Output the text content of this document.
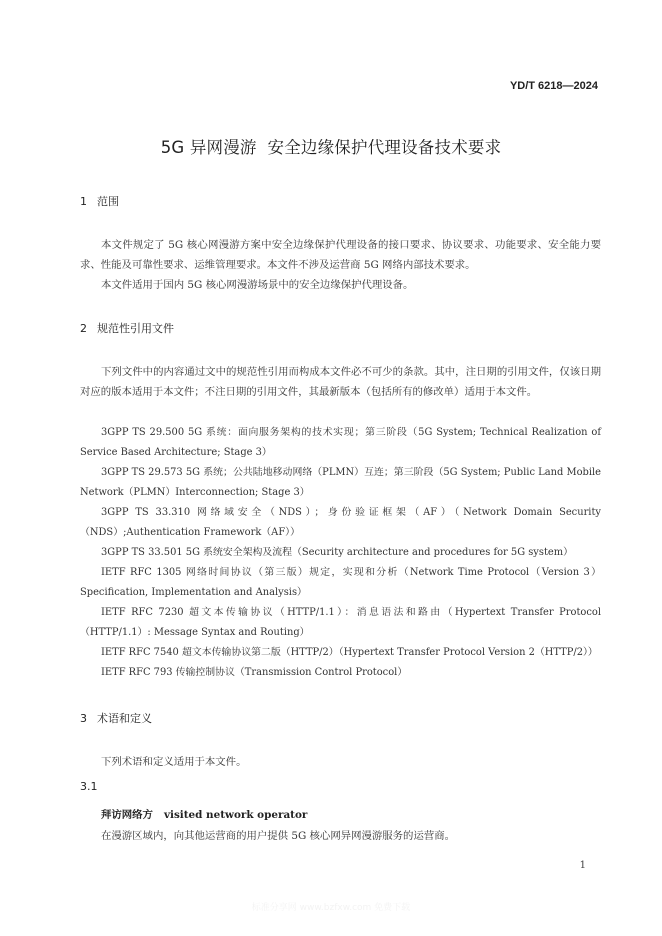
YD/T 6218—2024
5G 异网漫游  安全边缘保护代理设备技术要求
1 范围
本文件规定了 5G 核心网漫游方案中安全边缘保护代理设备的接口要求、协议要求、功能要求、安全能力要求、性能及可靠性要求、运维管理要求。本文件不涉及运营商 5G 网络内部技术要求。
本文件适用于国内 5G 核心网漫游场景中的安全边缘保护代理设备。
2 规范性引用文件
下列文件中的内容通过文中的规范性引用而构成本文件必不可少的条款。其中，注日期的引用文件，仅该日期对应的版本适用于本文件；不注日期的引用文件，其最新版本（包括所有的修改单）适用于本文件。
3GPP TS 29.500 5G 系统：面向服务架构的技术实现；第三阶段（5G System; Technical Realization of Service Based Architecture; Stage 3）
3GPP TS 29.573 5G 系统；公共陆地移动网络（PLMN）互连；第三阶段（5G System; Public Land Mobile Network（PLMN）Interconnection; Stage 3）
3GPP TS 33.310 网络域安全（NDS）；身份验证框架（AF）（Network Domain Security（NDS）;Authentication Framework（AF））
3GPP TS 33.501 5G 系统安全架构及流程（Security architecture and procedures for 5G system）
IETF RFC 1305 网络时间协议（第三版）规定，实现和分析（Network Time Protocol（Version 3）Specification, Implementation and Analysis）
IETF RFC 7230 超文本传输协议（HTTP/1.1）：消息语法和路由（Hypertext Transfer Protocol（HTTP/1.1）: Message Syntax and Routing）
IETF RFC 7540 超文本传输协议第二版（HTTP/2）（Hypertext Transfer Protocol Version 2（HTTP/2））
IETF RFC 793 传输控制协议（Transmission Control Protocol）
3 术语和定义
下列术语和定义适用于本文件。
3.1
拜访网络方 visited network operator
在漫游区域内，向其他运营商的用户提供 5G 核心网异网漫游服务的运营商。
1
标准分享网 www.bzfxw.com 免费下载
